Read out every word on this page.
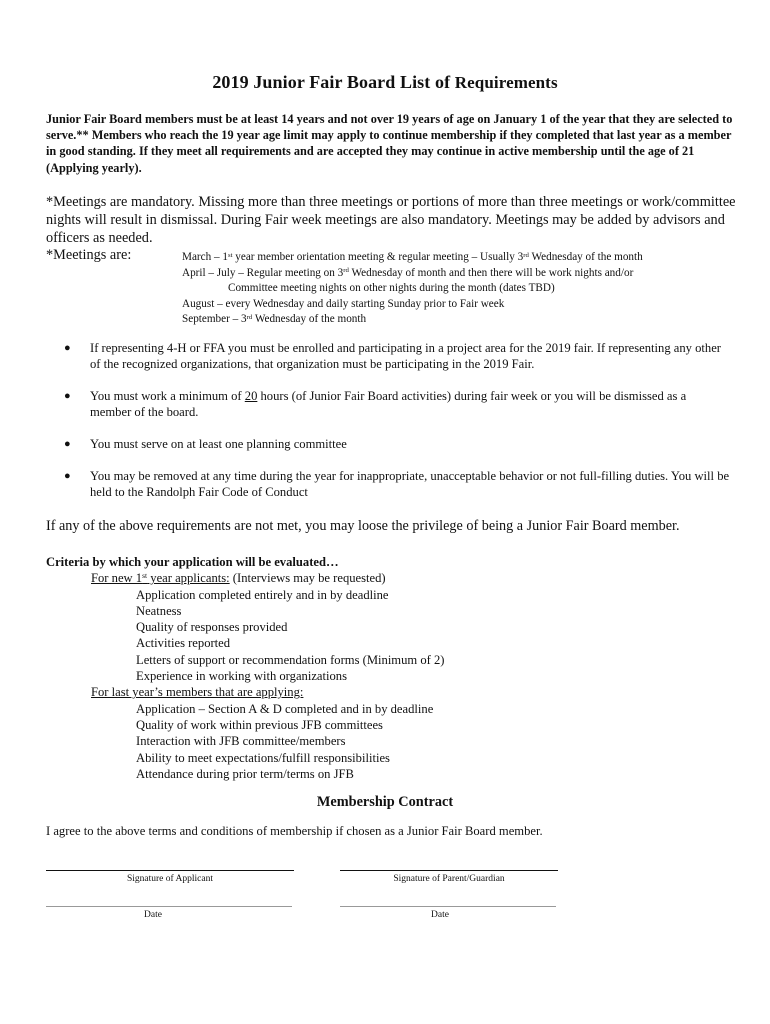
2019 Junior Fair Board List of Requirements
Junior Fair Board members must be at least 14 years and not over 19 years of age on January 1 of the year that they are selected to serve.** Members who reach the 19 year age limit may apply to continue membership if they completed that last year as a member in good standing. If they meet all requirements and are accepted they may continue in active membership until the age of 21 (Applying yearly).
*Meetings are mandatory. Missing more than three meetings or portions of more than three meetings or work/committee nights will result in dismissal. During Fair week meetings are also mandatory. Meetings may be added by advisors and officers as needed.
*Meetings are:	March – 1st year member orientation meeting & regular meeting – Usually 3rd Wednesday of the month
April – July – Regular meeting on 3rd Wednesday of month and then there will be work nights and/or
Committee meeting nights on other nights during the month (dates TBD)
August – every Wednesday and daily starting Sunday prior to Fair week
September – 3rd Wednesday of the month
● If representing 4-H or FFA you must be enrolled and participating in a project area for the 2019 fair. If representing any other of the recognized organizations, that organization must be participating in the 2019 Fair.
● You must work a minimum of 20 hours (of Junior Fair Board activities) during fair week or you will be dismissed as a member of the board.
● You must serve on at least one planning committee
● You may be removed at any time during the year for inappropriate, unacceptable behavior or not full-filling duties. You will be held to the Randolph Fair Code of Conduct
If any of the above requirements are not met, you may loose the privilege of being a Junior Fair Board member.
Criteria by which your application will be evaluated…
For new 1st year applicants: (Interviews may be requested)
Application completed entirely and in by deadline
Neatness
Quality of responses provided
Activities reported
Letters of support or recommendation forms (Minimum of 2)
Experience in working with organizations
For last year’s members that are applying:
Application – Section A & D completed and in by deadline
Quality of work within previous JFB committees
Interaction with JFB committee/members
Ability to meet expectations/fulfill responsibilities
Attendance during prior term/terms on JFB
Membership Contract
I agree to the above terms and conditions of membership if chosen as a Junior Fair Board member.
Signature of Applicant	Signature of Parent/Guardian
Date	Date
